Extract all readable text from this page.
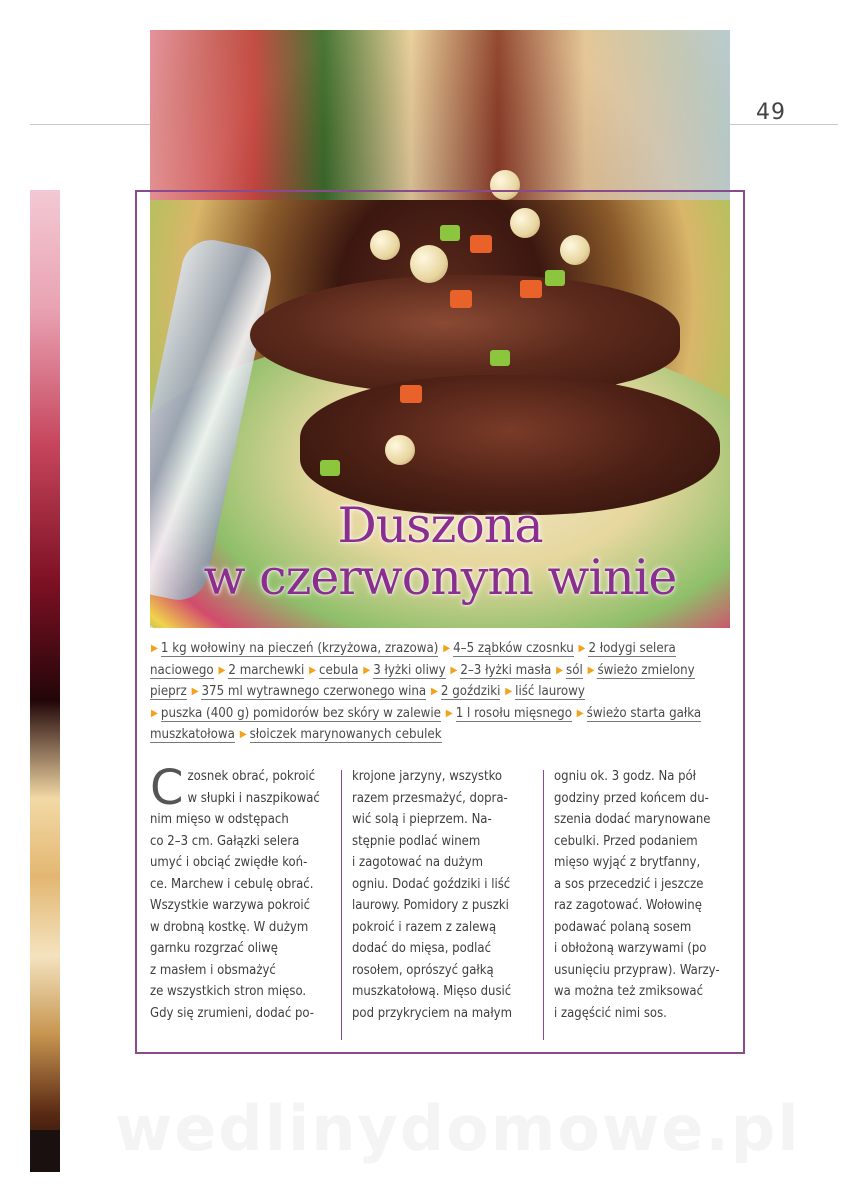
49
Duszona
w czerwonym winie
▶ 1 kg wołowiny na pieczeń (krzyżowa, zrazowa) ▶ 4–5 ząbków czosnku ▶ 2 łodygi selera naciowego ▶ 2 marchewki ▶ cebula ▶ 3 łyżki oliwy ▶ 2–3 łyżki masła ▶ sól ▶ świeżo zmielony pieprz ▶ 375 ml wytrawnego czerwonego wina ▶ 2 goździki ▶ liść laurowy ▶ puszka (400 g) pomidorów bez skóry w zalewie ▶ 1 l rosołu mięsnego ▶ świeżo starta gałka muszkatołowa ▶ słoiczek marynowanych cebulek
C zosnek obrać, pokroić

w słupki i naszpikować

nim mięso w odstępach

co 2–3 cm. Gałązki selera

umyć i obciąć zwiędłe koń-

ce. Marchew i cebulę obrać.

Wszystkie warzywa pokroić

w drobną kostkę. W dużym

garnku rozgrzać oliwę

z masłem i obsmażyć

ze wszystkich stron mięso.

Gdy się zrumieni, dodać po-

krojone jarzyny, wszystko

razem przesmażyć, dopra-

wić solą i pieprzem. Na-

stępnie podlać winem

i zagotować na dużym

ogniu. Dodać goździki i liść

laurowy. Pomidory z puszki

pokroić i razem z zalewą

dodać do mięsa, podlać

rosołem, oprószyć gałką

muszkatołową. Mięso dusić

pod przykryciem na małym

ogniu ok. 3 godz. Na pół

godziny przed końcem du-

szenia dodać marynowane

cebulki. Przed podaniem

mięso wyjąć z brytfanny,

a sos przecedzić i jeszcze

raz zagotować. Wołowinę

podawać polaną sosem

i obłożoną warzywami (po

usunięciu przypraw). Warzy-

wa można też zmiksować

i zagęścić nimi sos.

wedlinydomowe.pl
